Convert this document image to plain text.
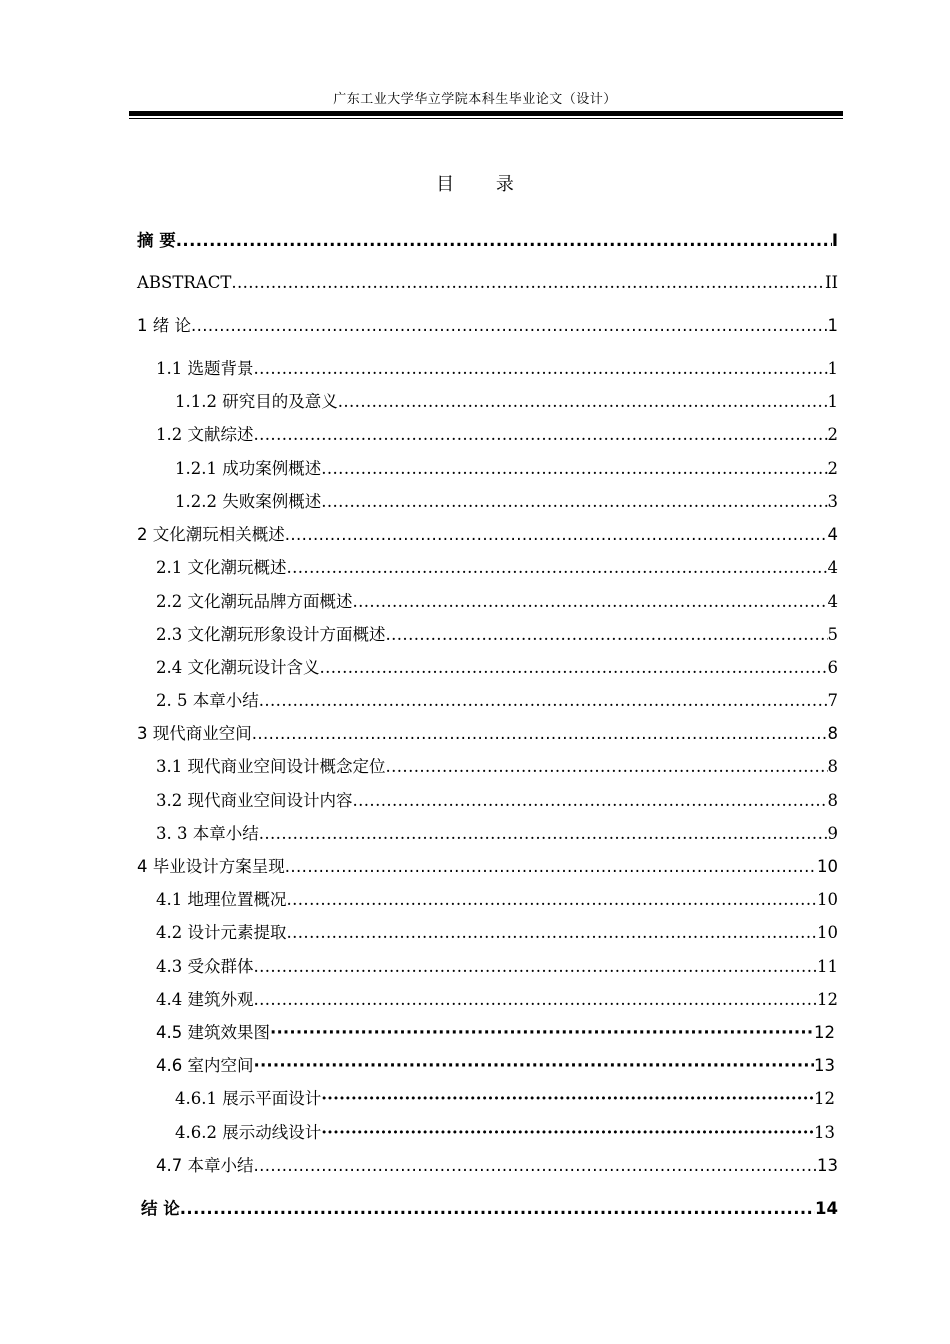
广东工业大学华立学院本科生毕业论文（设计）
目 录
摘 要 .....	I
ABSTRACT .....	II
1 绪 论 .....	1
1.1 选题背景 .....	1
1.1.2 研究目的及意义 .....	1
1.2 文献综述 .....	2
1.2.1 成功案例概述 .....	2
1.2.2 失败案例概述 .....	3
2 文化潮玩相关概述 .....	4
2.1 文化潮玩概述 .....	4
2.2 文化潮玩品牌方面概述 .....	4
2.3 文化潮玩形象设计方面概述 .....	5
2.4 文化潮玩设计含义 .....	6
2. 5 本章小结 .....	7
3 现代商业空间 .....	8
3.1 现代商业空间设计概念定位 .....	8
3.2 现代商业空间设计内容 .....	8
3. 3 本章小结 .....	9
4 毕业设计方案呈现 .....	10
4.1 地理位置概况 .....	10
4.2 设计元素提取 .....	10
4.3 受众群体 .....	11
4.4 建筑外观 .....	12
4.5 建筑效果图 ·····	12
4.6 室内空间 ·····	13
4.6.1 展示平面设计 ·····	12
4.6.2 展示动线设计 ·····	13
4.7 本章小结 .....	13
结 论 .....	14
